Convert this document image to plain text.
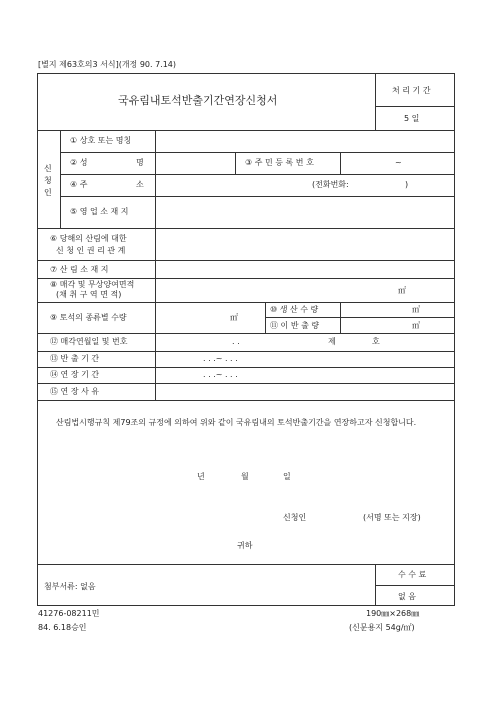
[별지 제63호의3 서식](개정 90. 7.14)
국유림내토석반출기간연장신청서
처 리 기 간
5 일
신
청
인
① 상호 또는 명칭
② 성	명	③ 주 민 등 록 번 호	~
④ 주	소	(전화번화:	)
⑤ 영 업 소 재 지
⑥ 당해의 산림에 대한
신 청 인 권 리 관 계
⑦ 산 림 소 재 지
⑧ 매각 및 무상양여면적
(채 취 구 역 면 적)	㎡
⑨ 토석의 종류별 수량	㎡
⑩ 생 산 수 량	㎥
⑪ 이 반 출 량	㎥
⑫ 매각연월일 및 번호	. .	제	호
⑬ 반 출 기 간	. . .~ . . .
⑭ 연 장 기 간	. . .~ . . .
⑮ 연 장 사 유
산림법시행규칙 제79조의 규정에 의하여 위와 같이 국유림내의 토석반출기간을 연장하고자 신청합니다.
년	월	일
신청인	(서명 또는 지장)
귀하
첨부서류: 없음
수 수 료
없 음
41276-08211민
84. 6.18승인
190㎜×268㎜
(신문용지 54g/㎡)
